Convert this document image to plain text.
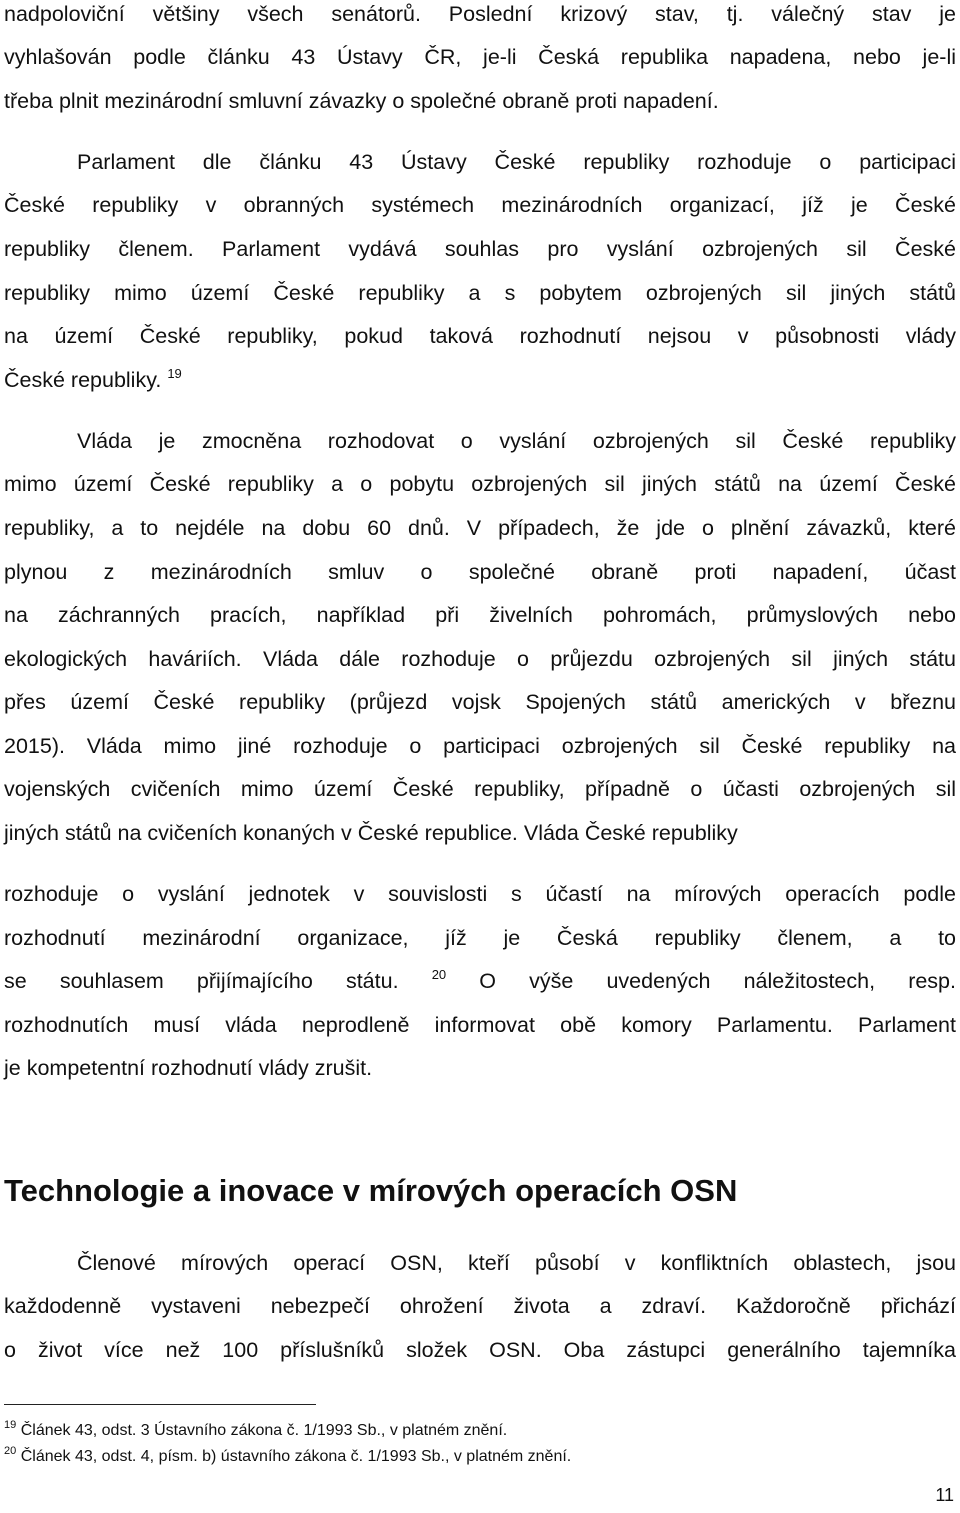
nadpoloviční většiny všech senátorů. Poslední krizový stav, tj. válečný stav je
vyhlašován podle článku 43 Ústavy ČR, je-li Česká republika napadena, nebo je-li
třeba plnit mezinárodní smluvní závazky o společné obraně proti napadení.
Parlament dle článku 43 Ústavy České republiky rozhoduje o participaci
České republiky v obranných systémech mezinárodních organizací, jíž je České
republiky členem. Parlament vydává souhlas pro vyslání ozbrojených sil České
republiky mimo území České republiky a s pobytem ozbrojených sil jiných států
na území České republiky, pokud taková rozhodnutí nejsou v působnosti vlády
České republiky. $^{19}$
Vláda je zmocněna rozhodovat o vyslání ozbrojených sil České republiky
mimo území České republiky a o pobytu ozbrojených sil jiných států na území České
republiky, a to nejdéle na dobu 60 dnů. V případech, že jde o plnění závazků, které
plynou z mezinárodních smluv o společné obraně proti napadení, účast
na záchranných pracích, například při živelních pohromách, průmyslových nebo
ekologických haváriích. Vláda dále rozhoduje o průjezdu ozbrojených sil jiných státu
přes území České republiky (průjezd vojsk Spojených států amerických v březnu
2015). Vláda mimo jiné rozhoduje o participaci ozbrojených sil České republiky na
vojenských cvičeních mimo území České republiky, případně o účasti ozbrojených sil
jiných států na cvičeních konaných v České republice. Vláda České republiky
rozhoduje o vyslání jednotek v souvislosti s účastí na mírových operacích podle
rozhodnutí mezinárodní organizace, jíž je Česká republiky členem, a to
se souhlasem přijímajícího státu.	$^{20}$ O výše uvedených náležitostech, resp.
rozhodnutích musí vláda neprodleně informovat obě komory Parlamentu. Parlament
je kompetentní rozhodnutí vlády zrušit.
Technologie a inovace v mírových operacích OSN
Členové mírových operací OSN, kteří působí v konfliktních oblastech, jsou
každodenně vystaveni nebezpečí ohrožení života a zdraví. Každoročně přichází
o život více než 100 příslušníků složek OSN. Oba zástupci generálního tajemníka
$^{19}$ Článek 43, odst. 3 Ústavního zákona č. 1/1993 Sb., v platném znění.
$^{20}$ Článek 43, odst. 4, písm. b) ústavního zákona č. 1/1993 Sb., v platném znění.
11
